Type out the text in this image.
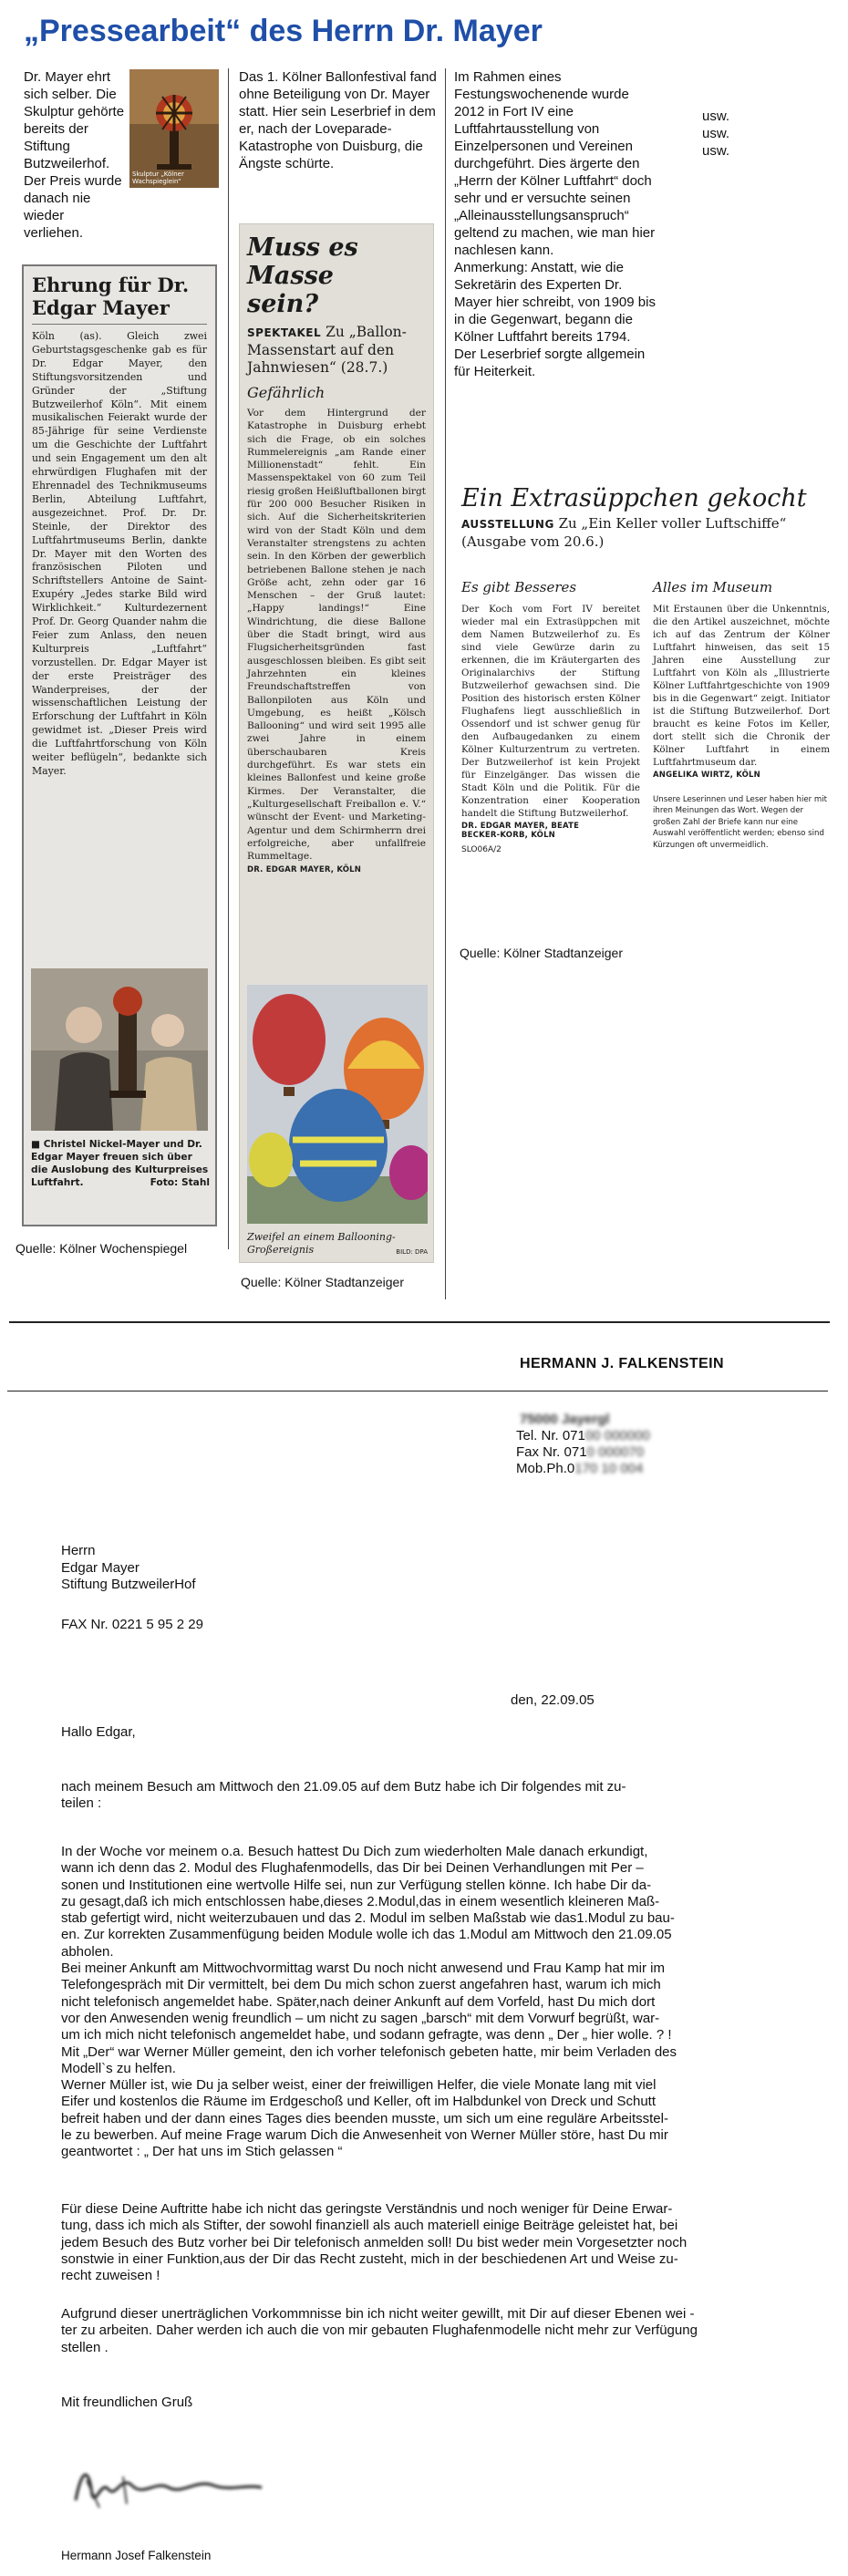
„Pressearbeit“ des Herrn Dr. Mayer
Dr. Mayer ehrt sich selber. Die Skulptur gehörte bereits der Stiftung Butzweilerhof. Der Preis wurde danach nie wieder verliehen.
Skulptur „Kölner Wachspieglein“
Ehrung für Dr. Edgar Mayer
Köln (as). Gleich zwei Geburtstagsgeschenke gab es für Dr. Edgar Mayer, den Stiftungsvorsitzenden und Gründer der „Stiftung Butzweilerhof Köln“. Mit einem musikalischen Feierakt wurde der 85-Jährige für seine Verdienste um die Geschichte der Luftfahrt und sein Engagement um den alt ehrwürdigen Flughafen mit der Ehrennadel des Technikmuseums Berlin, Abteilung Luftfahrt, ausgezeichnet. Prof. Dr. Dr. Steinle, der Direktor des Luftfahrtmuseums Berlin, dankte Dr. Mayer mit den Worten des französischen Piloten und Schriftstellers Antoine de Saint-Exupéry „Jedes starke Bild wird Wirklichkeit.“ Kulturdezernent Prof. Dr. Georg Quander nahm die Feier zum Anlass, den neuen Kulturpreis „Luftfahrt“ vorzustellen. Dr. Edgar Mayer ist der erste Preisträger des Wanderpreises, der der wissenschaftlichen Leistung der Erforschung der Luftfahrt in Köln gewidmet ist. „Dieser Preis wird die Luftfahrtforschung von Köln weiter beflügeln“, bedankte sich Mayer.
■ Christel Nickel-Mayer und Dr. Edgar Mayer freuen sich über die Auslobung des Kulturpreises Luftfahrt.	Foto: Stahl
Quelle: Kölner Wochenspiegel
Das 1. Kölner Ballonfestival fand ohne Beteiligung von Dr. Mayer statt. Hier sein Leserbrief in dem er, nach der Loveparade-Katastrophe von Duisburg, die Ängste schürte.
Muss es Masse sein?
SPEKTAKEL Zu „Ballon-Massenstart auf den Jahnwiesen“ (28.7.)
Gefährlich
Vor dem Hintergrund der Katastrophe in Duisburg erhebt sich die Frage, ob ein solches Rummelereignis „am Rande einer Millionenstadt“ fehlt. Ein Massenspektakel von 60 zum Teil riesig großen Heißluftballonen birgt für 200 000 Besucher Risiken in sich. Auf die Sicherheitskriterien wird von der Stadt Köln und dem Veranstalter strengstens zu achten sein. In den Körben der gewerblich betriebenen Ballone stehen je nach Größe acht, zehn oder gar 16 Menschen – der Gruß lautet: „Happy landings!“ Eine Windrichtung, die diese Ballone über die Stadt bringt, wird aus Flugsicherheitsgründen fast ausgeschlossen bleiben. Es gibt seit Jahrzehnten ein kleines Freundschaftstreffen von Ballonpiloten aus Köln und Umgebung, es heißt „Kölsch Ballooning“ und wird seit 1995 alle zwei Jahre in einem überschaubaren Kreis durchgeführt. Es war stets ein kleines Ballonfest und keine große Kirmes. Der Veranstalter, die „Kulturgesellschaft Freiballon e. V.“ wünscht der Event- und Marketing-Agentur und dem Schirmherrn drei erfolgreiche, aber unfallfreie Rummeltage.
DR. EDGAR MAYER, KÖLN
Zweifel an einem Ballooning-Großereignis	BILD: DPA
Quelle: Kölner Stadtanzeiger
Im Rahmen eines Festungswochenende wurde 2012 in Fort IV eine Luftfahrtausstellung von Einzelpersonen und Vereinen durchgeführt. Dies ärgerte den „Herrn der Kölner Luftfahrt“ doch sehr und er versuchte seinen „Alleinausstellungsanspruch“ geltend zu machen, wie man hier nachlesen kann.
Anmerkung: Anstatt, wie die Sekretärin des Experten Dr. Mayer hier schreibt, von 1909 bis in die Gegenwart, begann die Kölner Luftfahrt bereits 1794.
Der Leserbrief sorgte allgemein für Heiterkeit.
Ein Extrasüppchen gekocht
AUSSTELLUNG Zu „Ein Keller voller Luftschiffe“ (Ausgabe vom 20.6.)
Es gibt Besseres
Der Koch vom Fort IV bereitet wieder mal ein Extrasüppchen mit dem Namen Butzweilerhof zu. Es sind viele Gewürze darin zu erkennen, die im Kräutergarten des Originalarchivs der Stiftung Butzweilerhof gewachsen sind. Die Position des historisch ersten Kölner Flughafens liegt ausschließlich in Ossendorf und ist schwer genug für den Aufbaugedanken zu einem Kölner Kulturzentrum zu vertreten. Der Butzweilerhof ist kein Projekt für Einzelgänger. Das wissen die Stadt Köln und die Politik. Für die Konzentration einer Kooperation handelt die Stiftung Butzweilerhof.
DR. EDGAR MAYER, BEATE BECKER-KORB, KÖLN
SLO06A/2
Alles im Museum
Mit Erstaunen über die Unkenntnis, die den Artikel auszeichnet, möchte ich auf das Zentrum der Kölner Luftfahrt hinweisen, das seit 15 Jahren eine Ausstellung zur Luftfahrt von Köln als „Illustrierte Kölner Luftfahrtgeschichte von 1909 bis in die Gegenwart“ zeigt. Initiator ist die Stiftung Butzweilerhof. Dort braucht es keine Fotos im Keller, dort stellt sich die Chronik der Kölner Luftfahrt in einem Luftfahrtmuseum dar.
ANGELIKA WIRTZ, KÖLN
Unsere Leserinnen und Leser haben hier mit ihren Meinungen das Wort. Wegen der großen Zahl der Briefe kann nur eine Auswahl veröffentlicht werden; ebenso sind Kürzungen oft unvermeidlich.
Quelle: Kölner Stadtanzeiger
usw.
usw.
usw.
HERMANN J. FALKENSTEIN
75000 Jayergl
Tel. Nr. 07100 000000
Fax Nr. 0710 000070
Mob.Ph.0170 10 004
Herrn
Edgar Mayer
Stiftung ButzweilerHof
FAX Nr. 0221 5 95 2 29
den, 22.09.05
Hallo Edgar,
nach meinem Besuch am Mittwoch den 21.09.05 auf dem Butz habe ich Dir folgendes mit zu-
teilen :
In der Woche vor meinem o.a. Besuch hattest Du Dich zum wiederholten Male danach erkundigt,
wann ich denn das 2. Modul des Flughafenmodells, das Dir bei Deinen Verhandlungen mit Per –
sonen und Institutionen eine wertvolle Hilfe sei, nun zur Verfügung stellen könne. Ich habe Dir da-
zu gesagt,daß ich mich entschlossen habe,dieses 2.Modul,das in einem wesentlich kleineren Maß-
stab gefertigt wird, nicht weiterzubauen und das 2. Modul im selben Maßstab wie das1.Modul zu bau-
en. Zur korrekten Zusammenfügung beiden Module wolle ich das 1.Modul am Mittwoch den 21.09.05
abholen.
Bei meiner Ankunft am Mittwochvormittag warst Du noch nicht anwesend und Frau Kamp hat mir im
Telefongespräch mit Dir vermittelt, bei dem Du mich schon zuerst angefahren hast, warum ich mich
nicht telefonisch angemeldet habe. Später,nach deiner Ankunft auf dem Vorfeld, hast Du mich dort
vor den Anwesenden wenig freundlich – um nicht zu sagen „barsch“ mit dem Vorwurf begrüßt, war-
um ich mich nicht telefonisch angemeldet habe, und sodann gefragte, was denn „ Der „ hier wolle. ? !
Mit „Der“ war Werner Müller gemeint, den ich vorher telefonisch gebeten hatte, mir beim Verladen des
Modell`s zu helfen.
Werner Müller ist, wie Du ja selber weist, einer der freiwilligen Helfer, die viele Monate lang mit viel
Eifer und kostenlos die Räume im Erdgeschoß und Keller, oft im Halbdunkel von Dreck und Schutt
befreit haben und der dann eines Tages dies beenden musste, um sich um eine reguläre Arbeitsstel-
le zu bewerben. Auf meine Frage warum Dich die Anwesenheit von Werner Müller störe, hast Du mir
geantwortet : „ Der hat uns im Stich gelassen “
Für diese Deine Auftritte habe ich nicht das geringste Verständnis und noch weniger für Deine Erwar-
tung, dass ich mich als Stifter, der sowohl finanziell als auch materiell einige Beiträge geleistet hat, bei
jedem Besuch des Butz vorher bei Dir telefonisch anmelden soll! Du bist weder mein Vorgesetzter noch
sonstwie in einer Funktion,aus der Dir das Recht zusteht, mich in der beschiedenen Art und Weise zu-
recht zuweisen !
Aufgrund dieser unerträglichen Vorkommnisse bin ich nicht weiter gewillt, mit Dir auf dieser Ebenen wei -
ter zu arbeiten. Daher werden ich auch die von mir gebauten Flughafenmodelle nicht mehr zur Verfügung
stellen .
Mit freundlichen Gruß
Hermann Josef Falkenstein
